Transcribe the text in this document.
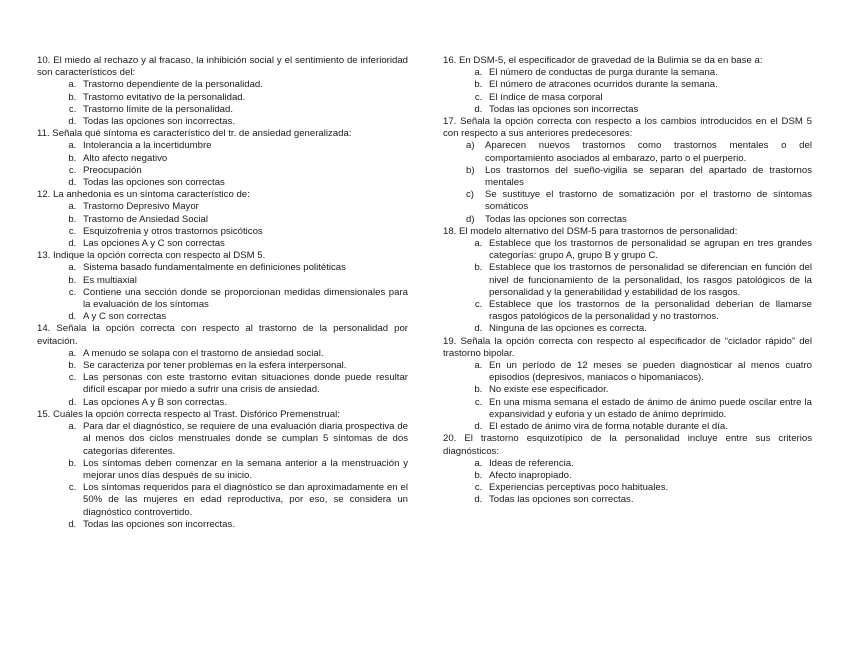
10. El miedo al rechazo y al fracaso, la inhibición social y el sentimiento de inferioridad son característicos del:

a. Trastorno dependiente de la personalidad.
b. Trastorno evitativo de la personalidad.
c. Trastorno límite de la personalidad.
d. Todas las opciones son incorrectas.

11. Señala qué síntoma es característico del tr. de ansiedad generalizada:

a. Intolerancia a la incertidumbre
b. Alto afecto negativo
c. Preocupación
d. Todas las opciones son correctas

12. La anhedonia es un síntoma característico de:

a. Trastorno Depresivo Mayor
b. Trastorno de Ansiedad Social
c. Esquizofrenia y otros trastornos psicóticos
d. Las opciones A y C son correctas

13. Indique la opción correcta con respecto al DSM 5.

a. Sistema basado fundamentalmente en definiciones politéticas
b. Es multiaxial
c. Contiene una sección donde se proporcionan medidas dimensionales para la evaluación de los síntomas
d. A y C son correctas

14. Señala la opción correcta con respecto al trastorno de la personalidad por evitación.

a. A menudo se solapa con el trastorno de ansiedad social.
b. Se caracteriza por tener problemas en la esfera interpersonal.
c. Las personas con este trastorno evitan situaciones donde puede resultar difícil escapar por miedo a sufrir una crisis de ansiedad.
d. Las opciones A y B son correctas.

15. Cuáles la opción correcta respecto al Trast. Disfórico Premenstrual:

a. Para dar el diagnóstico, se requiere de una evaluación diaria prospectiva de al menos dos ciclos menstruales donde se cumplan 5 síntomas de dos categorías diferentes.
b. Los síntomas deben comenzar en la semana anterior a la menstruación y mejorar unos días después de su inicio.
c. Los síntomas requeridos para el diagnóstico se dan aproximadamente en el 50% de las mujeres en edad reproductiva, por eso, se considera un diagnóstico controvertido.
d. Todas las opciones son incorrectas.

16. En DSM-5, el especificador de gravedad de la Bulimia se da en base a:

a. El número de conductas de purga durante la semana.
b. El número de atracones ocurridos durante la semana.
c. El índice de masa corporal
d. Todas las opciones son incorrectas

17. Señala la opción correcta con respecto a los cambios introducidos en el DSM 5 con respecto a sus anteriores predecesores:

a) Aparecen nuevos trastornos como trastornos mentales o del comportamiento asociados al embarazo, parto o el puerperio.
b) Los trastornos del sueño-vigilia se separan del apartado de trastornos mentales
c) Se sustituye el trastorno de somatización por el trastorno de síntomas somáticos
d) Todas las opciones son correctas

18. El modelo alternativo del DSM-5 para trastornos de personalidad:

a. Establece que los trastornos de personalidad se agrupan en tres grandes categorías: grupo A, grupo B y grupo C.
b. Establece que los trastornos de personalidad se diferencian en función del nivel de funcionamiento de la personalidad, los rasgos patológicos de la personalidad y la generabilidad y estabilidad de los rasgos.
c. Establece que los trastornos de la personalidad deberían de llamarse rasgos patológicos de la personalidad y no trastornos.
d. Ninguna de las opciones es correcta.

19. Señala la opción correcta con respecto al especificador de “ciclador rápido” del trastorno bipolar.

a. En un período de 12 meses se pueden diagnosticar al menos cuatro episodios (depresivos, maniacos o hipomaniacos).
b. No existe ese especificador.
c. En una misma semana el estado de ánimo de ánimo puede oscilar entre la expansividad y euforia y un estado de ánimo deprimido.
d. El estado de ánimo vira de forma notable durante el día.

20. El trastorno esquizotípico de la personalidad incluye entre sus criterios diagnósticos:

a. Ideas de referencia.
b. Afecto inapropiado.
c. Experiencias perceptivas poco habituales.
d. Todas las opciones son correctas.
